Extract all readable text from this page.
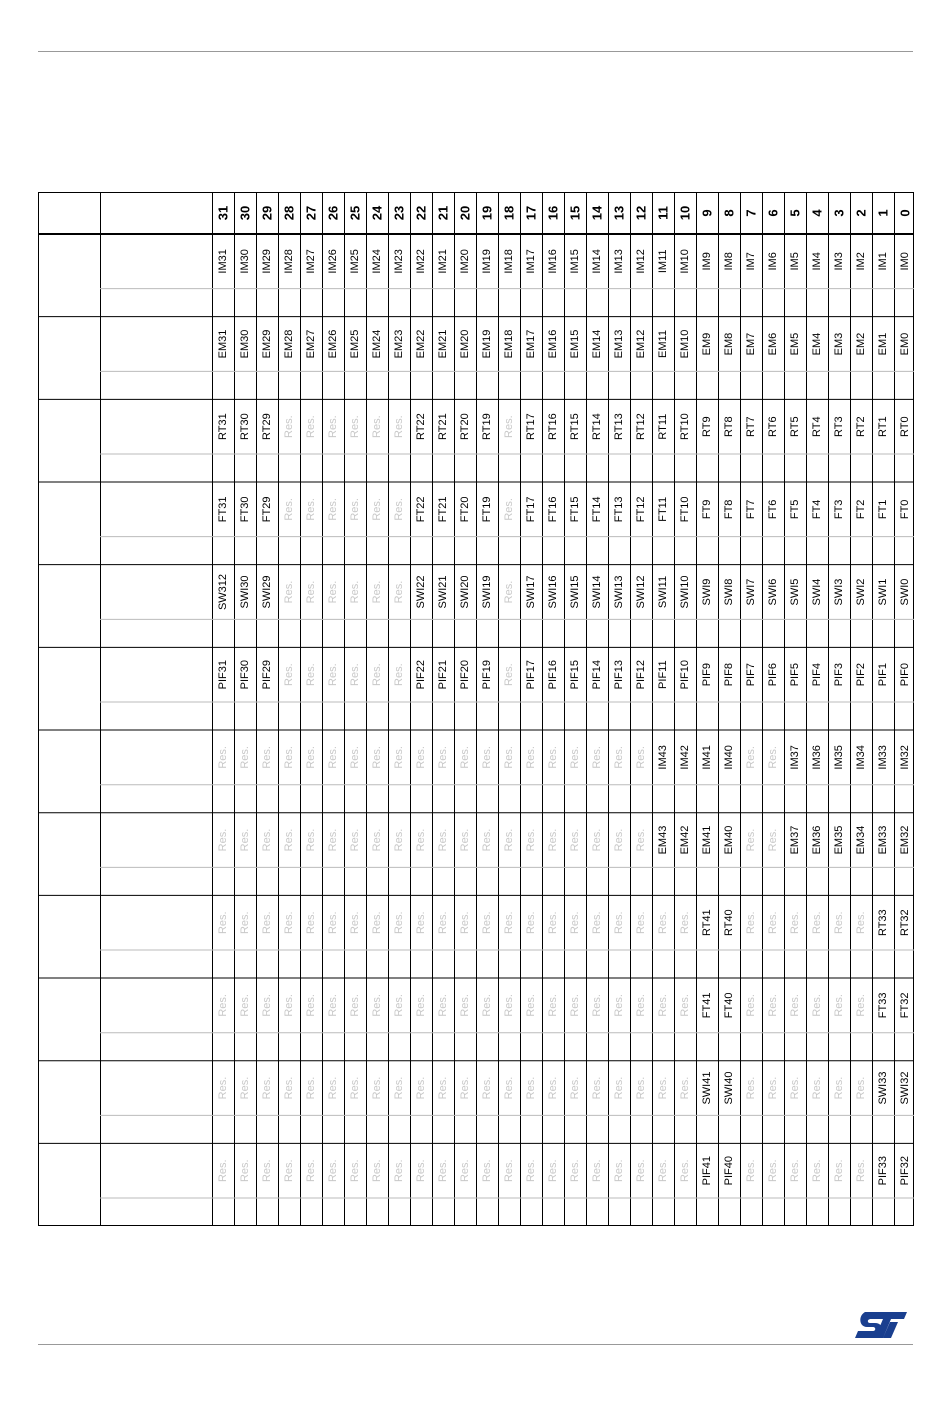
31 30 29 28 27 26 25 24 23 22 21 20 19 18 17 16 15 14 13 12 11 10 9 8 7 6 5 4 3 2 1 0
IM31 IM30 IM29 IM28 IM27 IM26 IM25 IM24 IM23 IM22 IM21 IM20 IM19 IM18 IM17 IM16 IM15 IM14 IM13 IM12 IM11 IM10 IM9 IM8 IM7 IM6 IM5 IM4 IM3 IM2 IM1 IM0
EM31 EM30 EM29 EM28 EM27 EM26 EM25 EM24 EM23 EM22 EM21 EM20 EM19 EM18 EM17 EM16 EM15 EM14 EM13 EM12 EM11 EM10 EM9 EM8 EM7 EM6 EM5 EM4 EM3 EM2 EM1 EM0
RT31 RT30 RT29 Res. Res. Res. Res. Res. Res. RT22 RT21 RT20 RT19 Res. RT17 RT16 RT15 RT14 RT13 RT12 RT11 RT10 RT9 RT8 RT7 RT6 RT5 RT4 RT3 RT2 RT1 RT0
FT31 FT30 FT29 Res. Res. Res. Res. Res. Res. FT22 FT21 FT20 FT19 Res. FT17 FT16 FT15 FT14 FT13 FT12 FT11 FT10 FT9 FT8 FT7 FT6 FT5 FT4 FT3 FT2 FT1 FT0
SW312 SWI30 SWI29 Res. Res. Res. Res. Res. Res. SWI22 SWI21 SWI20 SWI19 Res. SWI17 SWI16 SWI15 SWI14 SWI13 SWI12 SWI11 SWI10 SWI9 SWI8 SWI7 SWI6 SWI5 SWI4 SWI3 SWI2 SWI1 SWI0
PIF31 PIF30 PIF29 Res. Res. Res. Res. Res. Res. PIF22 PIF21 PIF20 PIF19 Res. PIF17 PIF16 PIF15 PIF14 PIF13 PIF12 PIF11 PIF10 PIF9 PIF8 PIF7 PIF6 PIF5 PIF4 PIF3 PIF2 PIF1 PIF0
Res. Res. Res. Res. Res. Res. Res. Res. Res. Res. Res. Res. Res. Res. Res. Res. Res. Res. Res. Res. IM43 IM42 IM41 IM40 Res. Res. IM37 IM36 IM35 IM34 IM33 IM32
Res. Res. Res. Res. Res. Res. Res. Res. Res. Res. Res. Res. Res. Res. Res. Res. Res. Res. Res. Res. EM43 EM42 EM41 EM40 Res. Res. EM37 EM36 EM35 EM34 EM33 EM32
Res. Res. Res. Res. Res. Res. Res. Res. Res. Res. Res. Res. Res. Res. Res. Res. Res. Res. Res. Res. Res. Res. RT41 RT40 Res. Res. Res. Res. Res. Res. RT33 RT32
Res. Res. Res. Res. Res. Res. Res. Res. Res. Res. Res. Res. Res. Res. Res. Res. Res. Res. Res. Res. Res. Res. FT41 FT40 Res. Res. Res. Res. Res. Res. FT33 FT32
Res. Res. Res. Res. Res. Res. Res. Res. Res. Res. Res. Res. Res. Res. Res. Res. Res. Res. Res. Res. Res. Res. SWI41 SWI40 Res. Res. Res. Res. Res. Res. SWI33 SWI32
Res. Res. Res. Res. Res. Res. Res. Res. Res. Res. Res. Res. Res. Res. Res. Res. Res. Res. Res. Res. Res. Res. PIF41 PIF40 Res. Res. Res. Res. Res. Res. PIF33 PIF32
